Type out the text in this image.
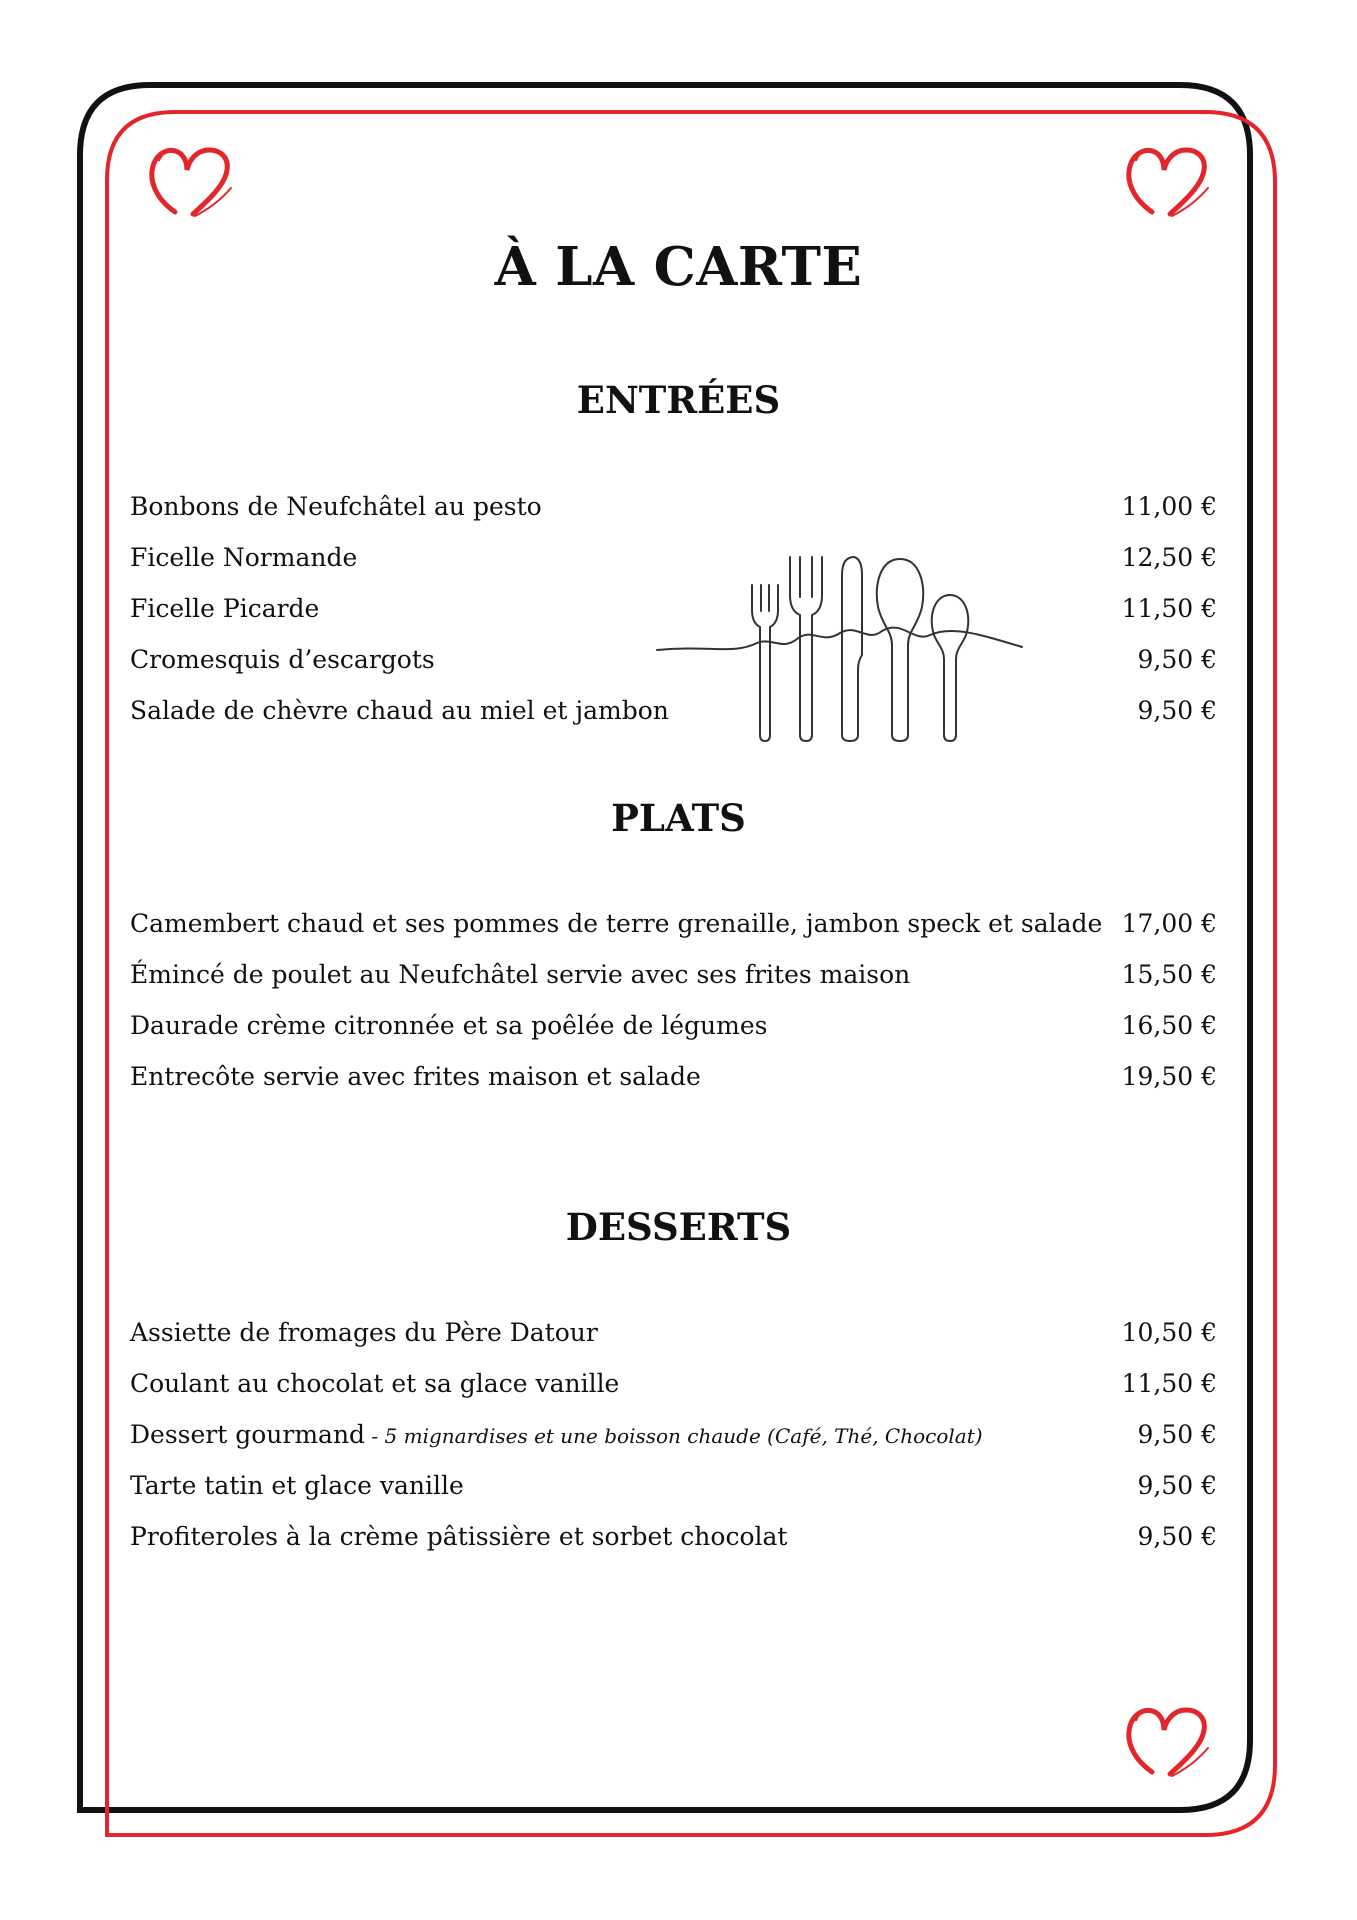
À LA CARTE
ENTRÉES
Bonbons de Neufchâtel au pesto	11,00 €
Ficelle Normande	12,50 €
Ficelle Picarde	11,50 €
Cromesquis d’escargots	9,50 €
Salade de chèvre chaud au miel et jambon	9,50 €
PLATS
Camembert chaud et ses pommes de terre grenaille, jambon speck et salade 17,00 €
Émincé de poulet au Neufchâtel servie avec ses frites maison	15,50 €
Daurade crème citronnée et sa poêlée de légumes	16,50 €
Entrecôte servie avec frites maison et salade	19,50 €
DESSERTS
Assiette de fromages du Père Datour	10,50 €
Coulant au chocolat et sa glace vanille	11,50 €
Dessert gourmand - 5 mignardises et une boisson chaude (Café, Thé, Chocolat)	9,50 €
Tarte tatin et glace vanille	9,50 €
Profiteroles à la crème pâtissière et sorbet chocolat	9,50 €
